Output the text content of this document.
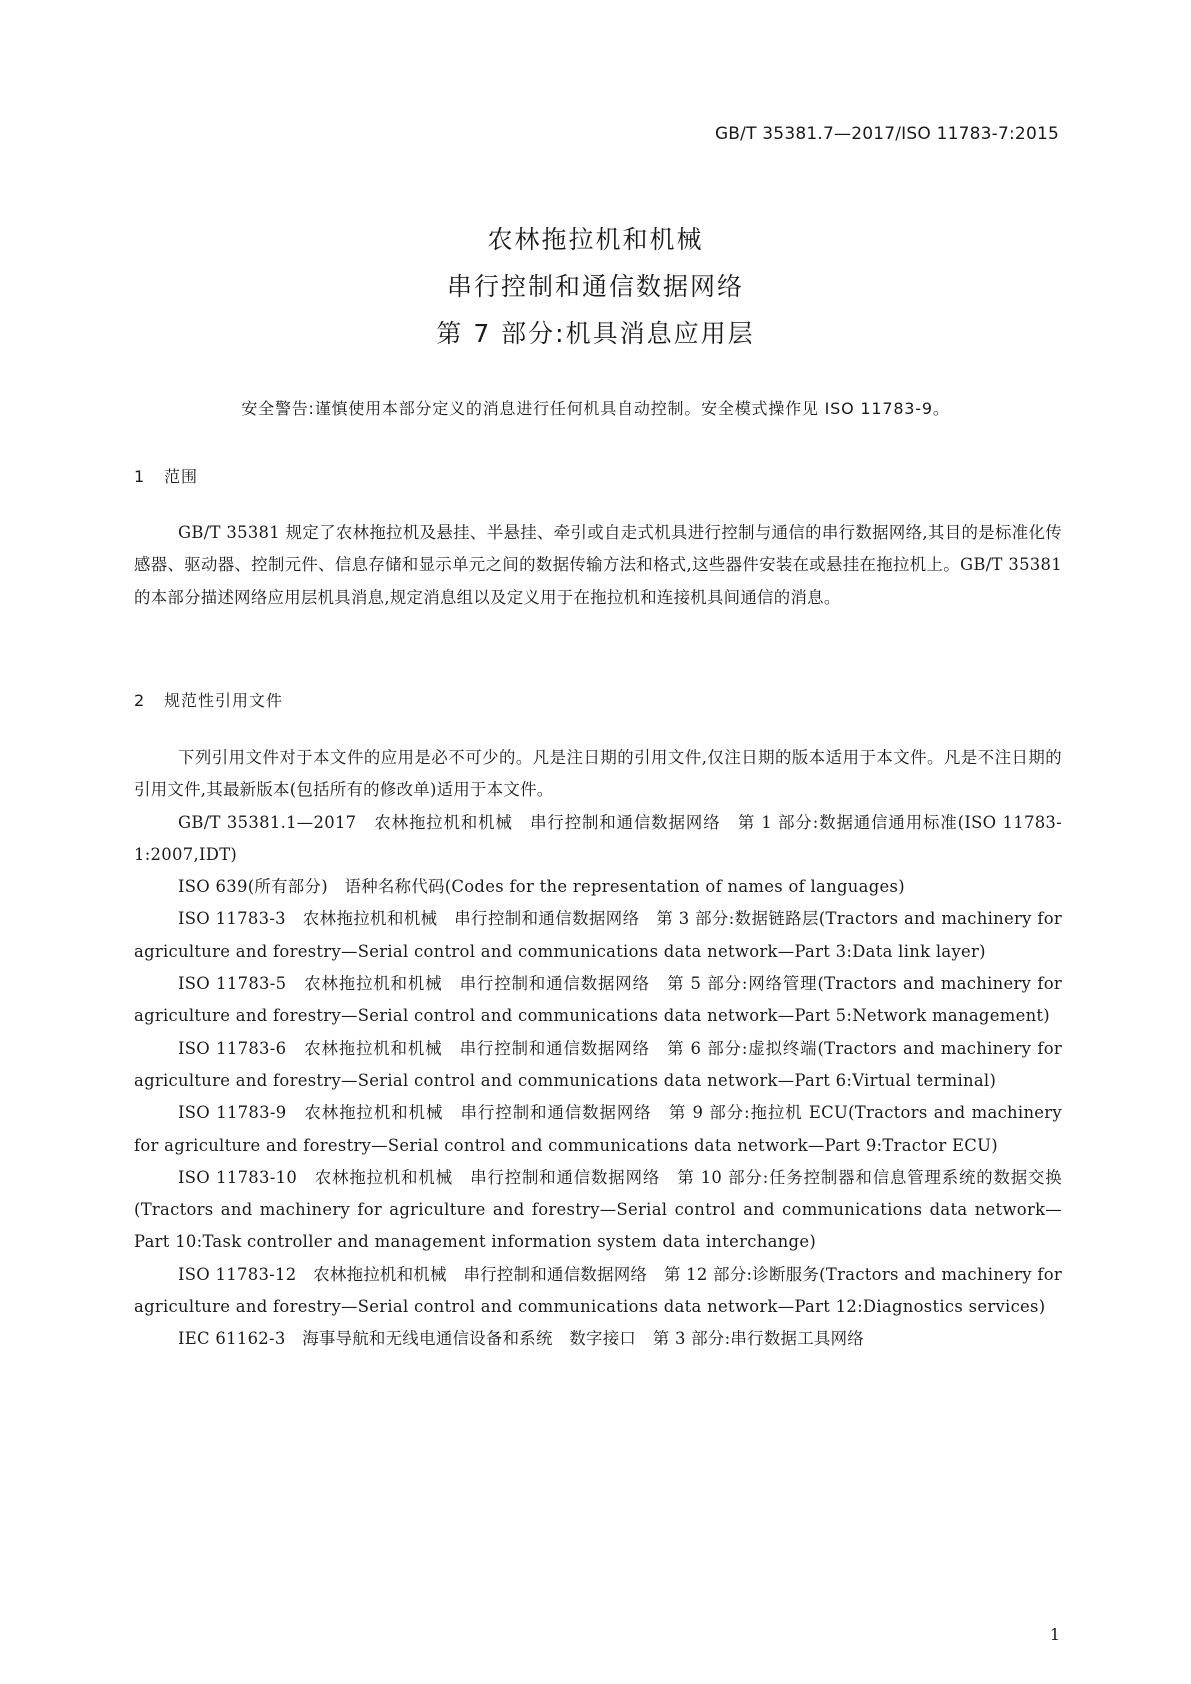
GB/T 35381.7—2017/ISO 11783-7:2015
农林拖拉机和机械
串行控制和通信数据网络
第 7 部分:机具消息应用层
安全警告:谨慎使用本部分定义的消息进行任何机具自动控制。安全模式操作见 ISO 11783-9。
1 范围

GB/T 35381 规定了农林拖拉机及悬挂、半悬挂、牵引或自走式机具进行控制与通信的串行数据网络,其目的是标准化传感器、驱动器、控制元件、信息存储和显示单元之间的数据传输方法和格式,这些器件安装在或悬挂在拖拉机上。GB/T 35381 的本部分描述网络应用层机具消息,规定消息组以及定义用于在拖拉机和连接机具间通信的消息。

2 规范性引用文件

下列引用文件对于本文件的应用是必不可少的。凡是注日期的引用文件,仅注日期的版本适用于本文件。凡是不注日期的引用文件,其最新版本(包括所有的修改单)适用于本文件。

GB/T 35381.1—2017　农林拖拉机和机械　串行控制和通信数据网络　第 1 部分:数据通信通用标准(ISO 11783-1:2007,IDT)

ISO 639(所有部分)　语种名称代码(Codes for the representation of names of languages)

ISO 11783-3　农林拖拉机和机械　串行控制和通信数据网络　第 3 部分:数据链路层(Tractors and machinery for agriculture and forestry—Serial control and communications data network—Part 3:Data link layer)

ISO 11783-5　农林拖拉机和机械　串行控制和通信数据网络　第 5 部分:网络管理(Tractors and machinery for agriculture and forestry—Serial control and communications data network—Part 5:Network management)

ISO 11783-6　农林拖拉机和机械　串行控制和通信数据网络　第 6 部分:虚拟终端(Tractors and machinery for agriculture and forestry—Serial control and communications data network—Part 6:Virtual terminal)

ISO 11783-9　农林拖拉机和机械　串行控制和通信数据网络　第 9 部分:拖拉机 ECU(Tractors and machinery for agriculture and forestry—Serial control and communications data network—Part 9:Tractor ECU)

ISO 11783-10　农林拖拉机和机械　串行控制和通信数据网络　第 10 部分:任务控制器和信息管理系统的数据交换(Tractors and machinery for agriculture and forestry—Serial control and communications data network—Part 10:Task controller and management information system data interchange)

ISO 11783-12　农林拖拉机和机械　串行控制和通信数据网络　第 12 部分:诊断服务(Tractors and machinery for agriculture and forestry—Serial control and communications data network—Part 12:Diagnostics services)

IEC 61162-3　海事导航和无线电通信设备和系统　数字接口　第 3 部分:串行数据工具网络

1
